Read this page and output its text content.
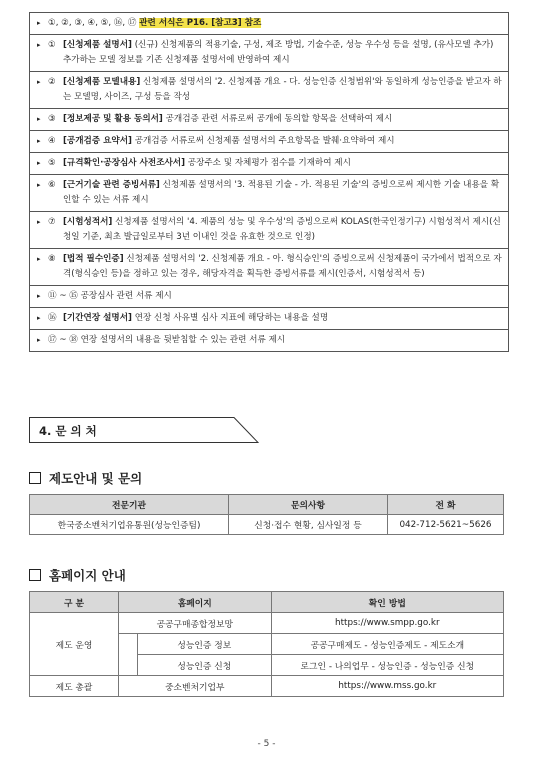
▸ ①, ②, ③, ④, ⑤, ⑯, ⑰ 관련 서식은 P16. [참고3] 참조
▸ ① [신청제품 설명서] (신규) 신청제품의 적용기술, 구성, 제조 방법, 기술수준, 성능 우수성 등을 설명, (유사모델 추가) 추가하는 모델 정보를 기존 신청제품 설명서에 반영하여 제시
▸ ② [신청제품 모델내용] 신청제품 설명서의 '2. 신청제품 개요 - 다. 성능인증 신청범위'와 동일하게 성능인증을 받고자 하는 모델명, 사이즈, 구성 등을 작성
▸ ③ [정보제공 및 활용 동의서] 공개검증 관련 서류로써 공개에 동의할 항목을 선택하여 제시
▸ ④ [공개검증 요약서] 공개검증 서류로써 신청제품 설명서의 주요항목을 발췌·요약하여 제시
▸ ⑤ [규격확인·공장심사 사전조사서] 공장주소 및 자체평가 점수를 기재하여 제시
▸ ⑥ [근거기술 관련 증빙서류] 신청제품 설명서의 '3. 적용된 기술 - 가. 적용된 기술'의 증빙으로써 제시한 기술 내용을 확인할 수 있는 서류 제시
▸ ⑦ [시험성적서] 신청제품 설명서의 '4. 제품의 성능 및 우수성'의 증빙으로써 KOLAS(한국인정기구) 시험성적서 제시(신청일 기준, 최초 발급일로부터 3년 이내인 것을 유효한 것으로 인정)
▸ ⑧ [법적 필수인증] 신청제품 설명서의 '2. 신청제품 개요 - 아. 형식승인'의 증빙으로써 신청제품이 국가에서 법적으로 자격(형식승인 등)을 정하고 있는 경우, 해당자격을 획득한 증빙서류를 제시(인증서, 시험성적서 등)
▸ ⑪ ~ ⑮ 공장심사 관련 서류 제시
▸ ⑯ [기간연장 설명서] 연장 신청 사유별 심사 지표에 해당하는 내용을 설명
▸ ⑰ ~ ⑱ 연장 설명서의 내용을 뒷받침할 수 있는 관련 서류 제시
4. 문 의 처
제도안내 및 문의
전문기관	문의사항	전 화
한국중소벤처기업유통원(성능인증팀)	신청·접수 현황, 심사일정 등	042-712-5621~5626
홈페이지 안내
구 분	홈페이지		확인 방법
제도 운영	공공구매종합정보망		https://www.smpp.go.kr
		성능인증 정보	공공구매제도 - 성능인증제도 - 제도소개
		성능인증 신청	로그인 - 나의업무 - 성능인증 - 성능인증 신청
제도 총괄	중소벤처기업부		https://www.mss.go.kr
- 5 -
